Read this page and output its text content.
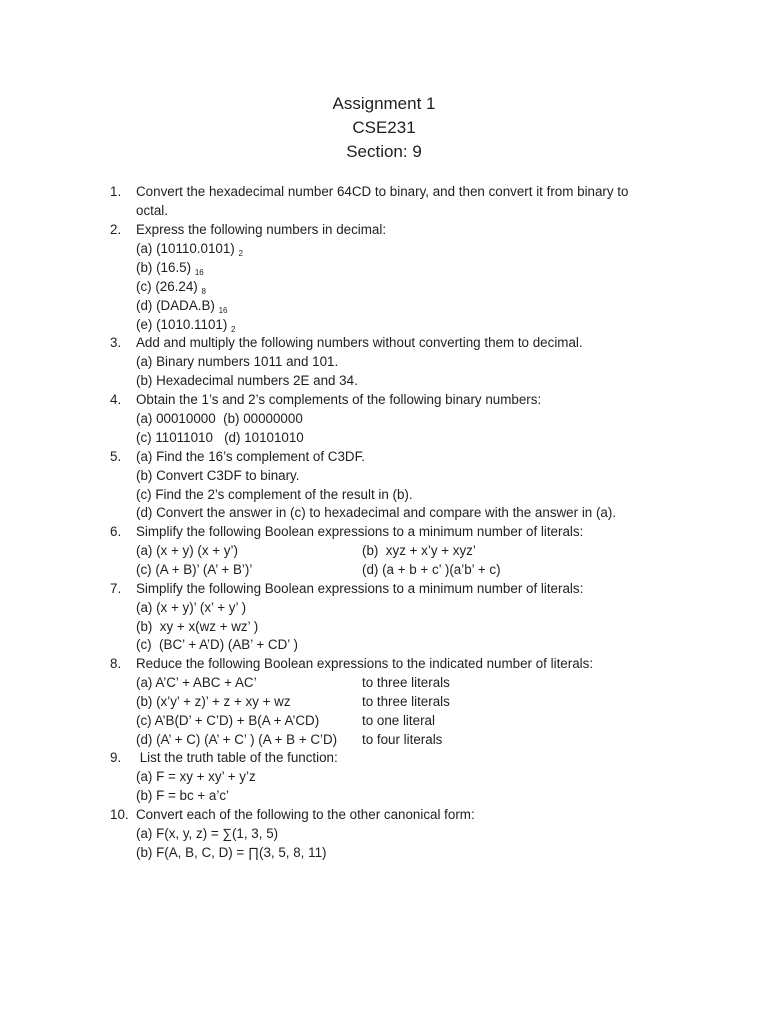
Assignment 1
CSE231
Section: 9
1. Convert the hexadecimal number 64CD to binary, and then convert it from binary to
octal.
2. Express the following numbers in decimal:
(a) (10110.0101) $_2$
(b) (16.5) $_{16}$
(c) (26.24) $_8$
(d) (DADA.B) $_{16}$
(e) (1010.1101) $_2$
3. Add and multiply the following numbers without converting them to decimal.
(a) Binary numbers 1011 and 101.
(b) Hexadecimal numbers 2E and 34.
4. Obtain the 1’s and 2’s complements of the following binary numbers:
(a) 00010000  (b) 00000000
(c) 11011010   (d) 10101010
5. (a) Find the 16’s complement of C3DF.
(b) Convert C3DF to binary.
(c) Find the 2’s complement of the result in (b).
(d) Convert the answer in (c) to hexadecimal and compare with the answer in (a).
6. Simplify the following Boolean expressions to a minimum number of literals:
(a) (x + y) (x + y’)	(b)  xyz + x’y + xyz’
(c) (A + B)’ (A’ + B’)’	(d) (a + b + c’ )(a’b’ + c)
7. Simplify the following Boolean expressions to a minimum number of literals:
(a) (x + y)’ (x’ + y’ )
(b)  xy + x(wz + wz’ )
(c)  (BC’ + A’D) (AB’ + CD’ )
8. Reduce the following Boolean expressions to the indicated number of literals:
(a) A’C’ + ABC + AC’	to three literals
(b) (x’y’ + z)’ + z + xy + wz	to three literals
(c) A’B(D’ + C’D) + B(A + A’CD)	to one literal
(d) (A’ + C) (A’ + C’ ) (A + B + C’D) to four literals
9. List the truth table of the function:
(a) F = xy + xy’ + y’z
(b) F = bc + a’c’
10. Convert each of the following to the other canonical form:
(a) F(x, y, z) = ∑(1, 3, 5)
(b) F(A, B, C, D) = ∏(3, 5, 8, 11)
